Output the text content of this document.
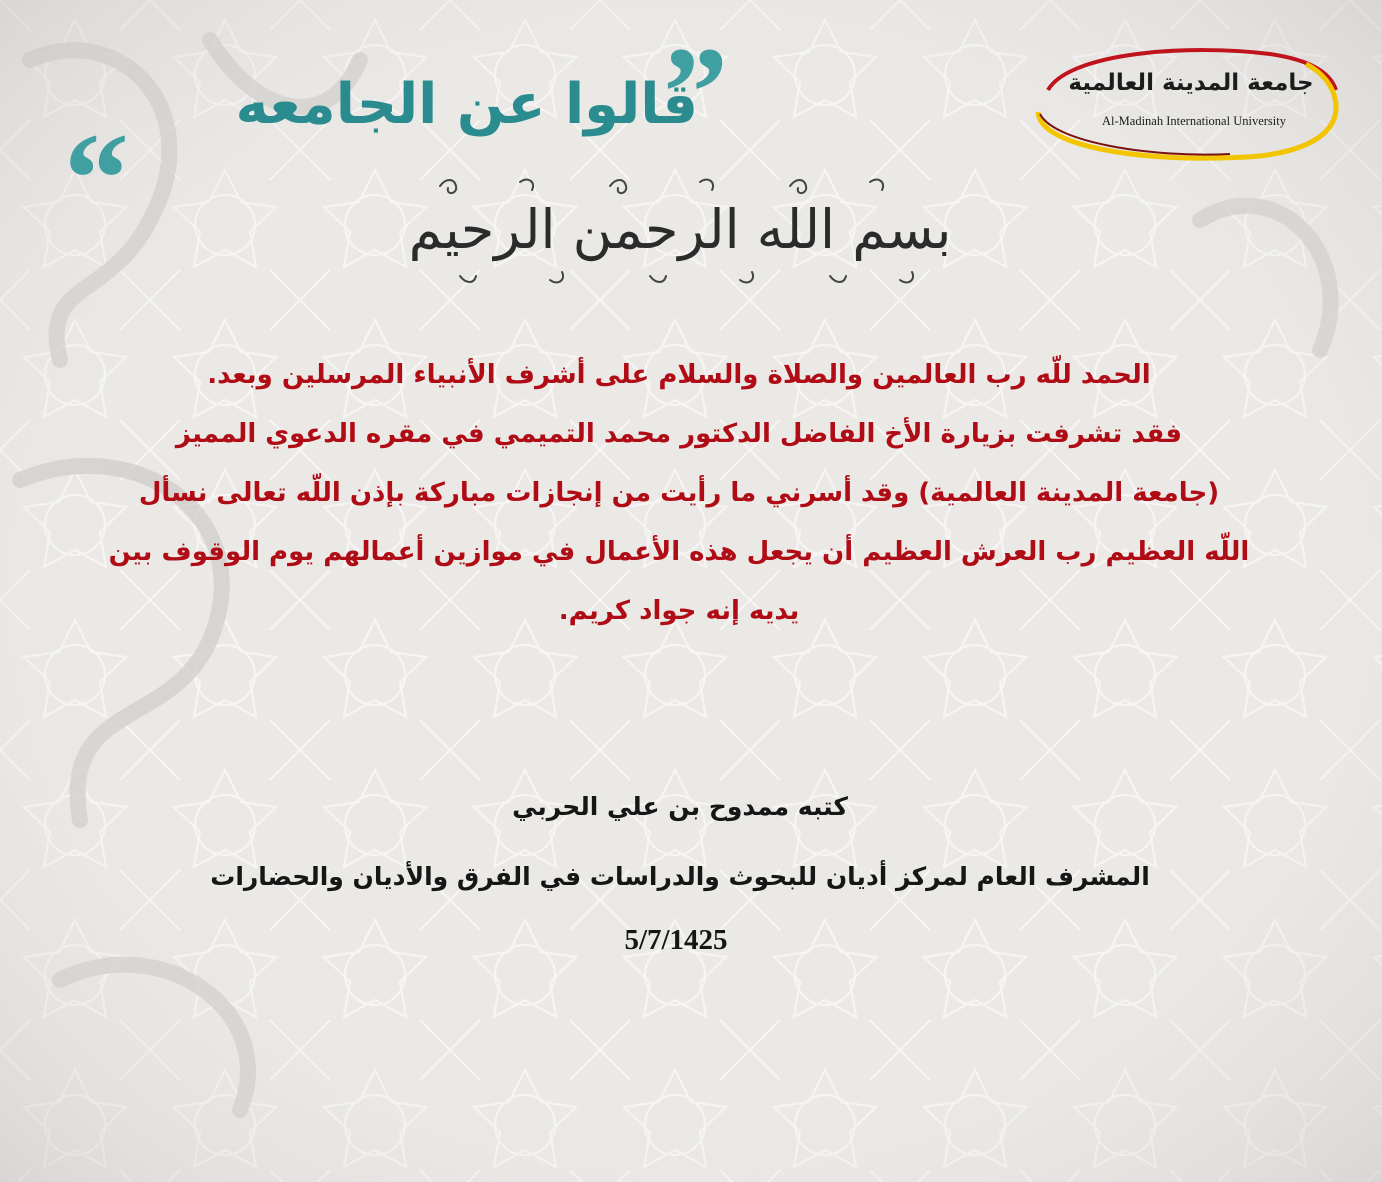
جامعة المدينة العالمية

Al-Madinah International University

”

قالوا عن الجامعه

“	بسم الله الرحمن الرحيم

الحمد للّه رب العالمين والصلاة والسلام على أشرف الأنبياء المرسلين وبعد.

فقد تشرفت بزيارة الأخ الفاضل الدكتور محمد التميمي في مقره الدعوي المميز

(جامعة المدينة العالمية) وقد أسرني ما رأيت من إنجازات مباركة بإذن اللّه تعالى نسأل

اللّه العظيم رب العرش العظيم أن يجعل هذه الأعمال في موازين أعمالهم يوم الوقوف بين

يديه إنه جواد كريم.

كتبه ممدوح بن علي الحربي

المشرف العام لمركز أديان للبحوث والدراسات في الفرق والأديان والحضارات

5/7/1425
